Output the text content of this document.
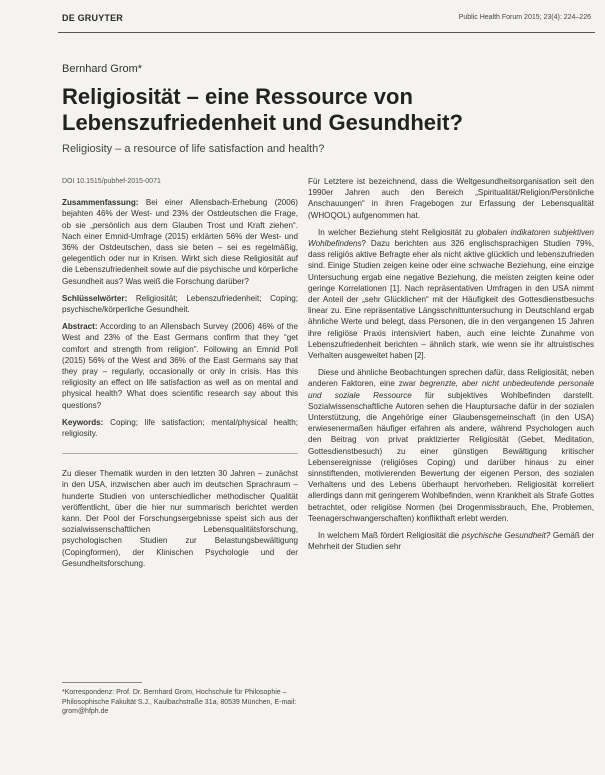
DE GRUYTER	Public Health Forum 2015; 23(4): 224–226
Bernhard Grom*
Religiosität – eine Ressource von Lebenszufriedenheit und Gesundheit?
Religiosity – a resource of life satisfaction and health?
DOI 10.1515/pubhef-2015-0071

Zusammenfassung: Bei einer Allensbach-Erhebung (2006) bejahten 46% der West- und 23% der Ostdeutschen die Frage, ob sie „persönlich aus dem Glauben Trost und Kraft ziehen“. Nach einer Emnid-Umfrage (2015) erklärten 56% der West- und 36% der Ostdeutschen, dass sie beten – sei es regelmäßig, gelegentlich oder nur in Krisen. Wirkt sich diese Religiosität auf die Lebenszufriedenheit sowie auf die psychische und körperliche Gesundheit aus? Was weiß die Forschung darüber?

Schlüsselwörter: Religiosität; Lebenszufriedenheit; Coping; psychische/körperliche Gesundheit.

Abstract: According to an Allensbach Survey (2006) 46% of the West and 23% of the East Germans confirm that they “get comfort and strength from religion”. Following an Emnid Poll (2015) 56% of the West and 36% of the East Germans say that they pray – regularly, occasionally or only in crisis. Has this religiosity an effect on life satisfaction as well as on mental and physical health? What does scientific research say about this questions?

Keywords: Coping; life satisfaction; mental/physical health; religiosity.

Zu dieser Thematik wurden in den letzten 30 Jahren – zunächst in den USA, inzwischen aber auch im deutschen Sprachraum – hunderte Studien von unterschiedlicher methodischer Qualität veröffentlicht, über die hier nur summarisch berichtet werden kann. Der Pool der Forschungsergebnisse speist sich aus der sozialwissenschaftlichen Lebensqualitätsforschung, psychologischen Studien zur Belastungsbewältigung (Copingformen), der Klinischen Psychologie und der Gesundheitsforschung.

*Korrespondenz: Prof. Dr. Bernhard Grom, Hochschule für Philosophie – Philosophische Fakultät S.J., Kaulbachstraße 31a, 80539 München, E-mail: grom@hfph.de

Für Letztere ist bezeichnend, dass die Weltgesundheitsorganisation seit den 1990er Jahren auch den Bereich „Spiritualität/Religion/Persönliche Anschauungen“ in ihren Fragebogen zur Erfassung der Lebensqualität (WHOQOL) aufgenommen hat.

In welcher Beziehung steht Religiosität zu globalen indikatoren subjektiven Wohlbefindens? Dazu berichten aus 326 englischsprachigen Studien 79%, dass religiös aktive Befragte eher als nicht aktive glücklich und lebenszufrieden sind. Einige Studien zeigen keine oder eine schwache Beziehung, eine einzige Untersuchung ergab eine negative Beziehung, die meisten zeigten keine oder geringe Korrelationen [1]. Nach repräsentativen Umfragen in den USA nimmt der Anteil der „sehr Glücklichen“ mit der Häufigkeit des Gottesdienstbesuchs linear zu. Eine repräsentative Längsschnittuntersuchung in Deutschland ergab ähnliche Werte und belegt, dass Personen, die in den vergangenen 15 Jahren ihre religiöse Praxis intensiviert haben, auch eine leichte Zunahme von Lebenszufriedenheit berichten – ähnlich stark, wie wenn sie ihr altruistisches Verhalten ausgeweitet haben [2].

Diese und ähnliche Beobachtungen sprechen dafür, dass Religiosität, neben anderen Faktoren, eine zwar begrenzte, aber nicht unbedeutende personale und soziale Ressource für subjektives Wohlbefinden darstellt. Sozialwissenschaftliche Autoren sehen die Hauptursache dafür in der sozialen Unterstützung, die Angehörige einer Glaubensgemeinschaft (in den USA) erwiesenermaßen häufiger erfahren als andere, während Psychologen auch den Beitrag von privat praktizierter Religiosität (Gebet, Meditation, Gottesdienstbesuch) zu einer günstigen Bewältigung kritischer Lebensereignisse (religiöses Coping) und darüber hinaus zu einer sinnstiftenden, motivierenden Bewertung der eigenen Person, des sozialen Verhaltens und des Lebens überhaupt hervorheben. Religiosität korreliert allerdings dann mit geringerem Wohlbefinden, wenn Krankheit als Strafe Gottes betrachtet, oder religiöse Normen (bei Drogenmissbrauch, Ehe, Problemen, Teenagerschwangerschaften) konflikthaft erlebt werden.

In welchem Maß fördert Religiosität die psychische Gesundheit? Gemäß der Mehrheit der Studien sehr
